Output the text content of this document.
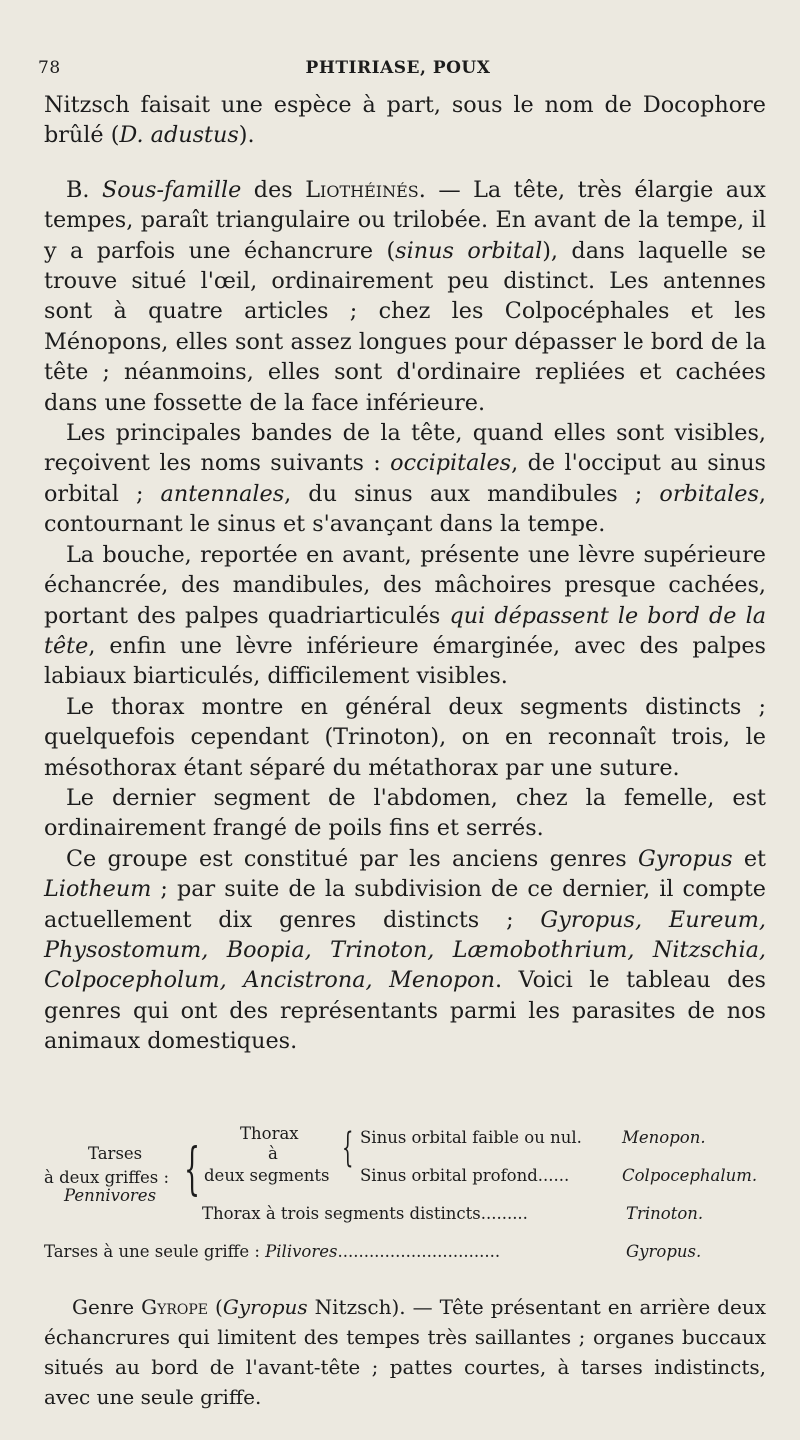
78	PHTIRIASE, POUX

Nitzsch faisait une espèce à part, sous le nom de Docophore brûlé (D. adustus).

B. Sous-famille des Liothéinés. — La tête, très élargie aux tempes, paraît triangulaire ou trilobée. En avant de la tempe, il y a parfois une échancrure (sinus orbital), dans laquelle se trouve situé l'œil, ordinairement peu distinct. Les antennes sont à quatre articles ; chez les Colpocéphales et les Ménopons, elles sont assez longues pour dépasser le bord de la tête ; néanmoins, elles sont d'ordinaire repliées et cachées dans une fossette de la face inférieure.

Les principales bandes de la tête, quand elles sont visibles, reçoivent les noms suivants : occipitales, de l'occiput au sinus orbital ; antennales, du sinus aux mandibules ; orbitales, contournant le sinus et s'avançant dans la tempe.

La bouche, reportée en avant, présente une lèvre supérieure échancrée, des mandibules, des mâchoires presque cachées, portant des palpes quadriarticulés qui dépassent le bord de la tête, enfin une lèvre inférieure émarginée, avec des palpes labiaux biarticulés, difficilement visibles.

Le thorax montre en général deux segments distincts ; quelquefois cependant (Trinoton), on en reconnaît trois, le mésothorax étant séparé du métathorax par une suture.

Le dernier segment de l'abdomen, chez la femelle, est ordinairement frangé de poils fins et serrés.

Ce groupe est constitué par les anciens genres Gyropus et Liotheum ; par suite de la subdivision de ce dernier, il compte actuellement dix genres distincts ; Gyropus, Eureum, Physostomum, Boopia, Trinoton, Læmobothrium, Nitzschia, Colpocepholum, Ancistrona, Menopon. Voici le tableau des genres qui ont des représentants parmi les parasites de nos animaux domestiques.

Tarses
à deux griffes :
Pennivores {
Thorax
à
deux segments
{ Sinus orbital faible ou nul. Menopon.
Sinus orbital profond......	Colpocephalum.
Thorax à trois segments distincts.........	Trinoton.
Tarses à une seule griffe : Pilivores...............................	Gyropus.

Genre Gyrope (Gyropus Nitzsch). — Tête présentant en arrière deux échancrures qui limitent des tempes très saillantes ; organes buccaux situés au bord de l'avant-tête ; pattes courtes, à tarses indistincts, avec une seule griffe.
